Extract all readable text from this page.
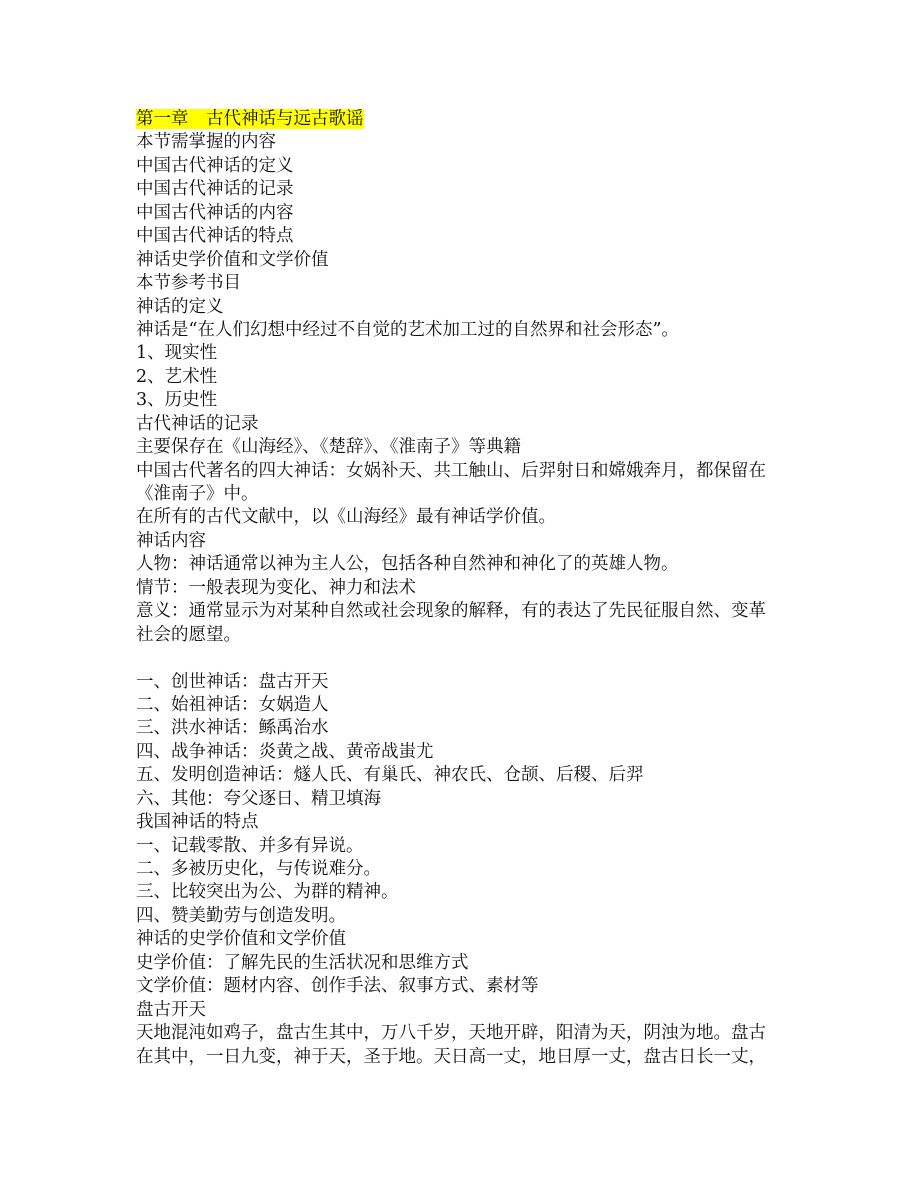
第一章　古代神话与远古歌谣
本节需掌握的内容
中国古代神话的定义
中国古代神话的记录
中国古代神话的内容
中国古代神话的特点
神话史学价值和文学价值
本节参考书目
神话的定义
神话是“在人们幻想中经过不自觉的艺术加工过的自然界和社会形态”。
1、现实性
2、艺术性
3、历史性
古代神话的记录
主要保存在《山海经》、《楚辞》、《淮南子》等典籍
中国古代著名的四大神话：女娲补天、共工触山、后羿射日和嫦娥奔月，都保留在
《淮南子》中。
在所有的古代文献中，以《山海经》最有神话学价值。
神话内容
人物：神话通常以神为主人公，包括各种自然神和神化了的英雄人物。
情节：一般表现为变化、神力和法术
意义：通常显示为对某种自然或社会现象的解释，有的表达了先民征服自然、变革
社会的愿望。
一、创世神话：盘古开天
二、始祖神话：女娲造人
三、洪水神话：鲧禹治水
四、战争神话：炎黄之战、黄帝战蚩尤
五、发明创造神话：燧人氏、有巢氏、神农氏、仓颉、后稷、后羿
六、其他：夸父逐日、精卫填海
我国神话的特点
一、记载零散、并多有异说。
二、多被历史化，与传说难分。
三、比较突出为公、为群的精神。
四、赞美勤劳与创造发明。
神话的史学价值和文学价值
史学价值：了解先民的生活状况和思维方式
文学价值：题材内容、创作手法、叙事方式、素材等
盘古开天
天地混沌如鸡子，盘古生其中，万八千岁，天地开辟，阳清为天，阴浊为地。盘古
在其中，一日九变，神于天，圣于地。天日高一丈，地日厚一丈，盘古日长一丈，
